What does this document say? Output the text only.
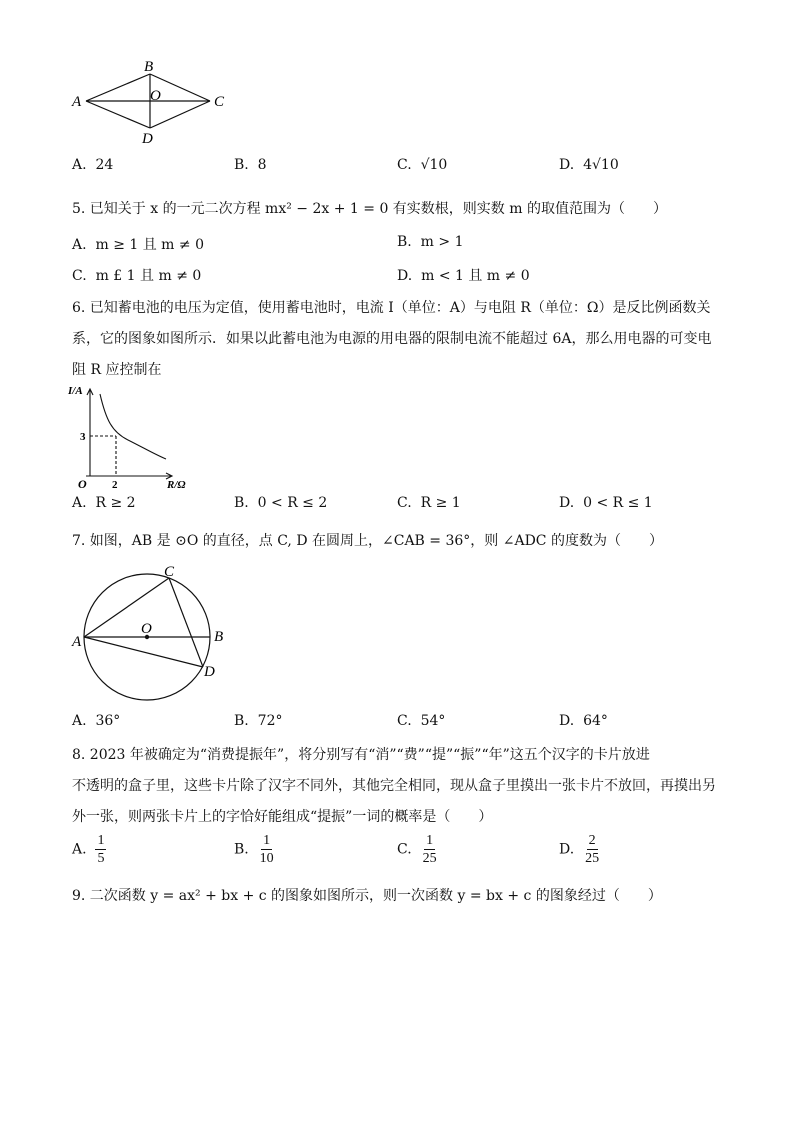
B
A	O	C
D
A. 24	B. 8	C. √10	D. 4√10
5. 已知关于 x 的一元二次方程 mx² − 2x + 1 = 0 有实数根，则实数 m 的取值范围为（　　）
A. m ≥ 1 且 m ≠ 0	B. m > 1
C. m £ 1 且 m ≠ 0	D. m < 1 且 m ≠ 0
6. 已知蓄电池的电压为定值，使用蓄电池时，电流 I（单位：A）与电阻 R（单位：Ω）是反比例函数关
系，它的图象如图所示．如果以此蓄电池为电源的用电器的限制电流不能超过 6A，那么用电器的可变电
阻 R 应控制在
I/A
R/Ω
O
3
2
A. R ≥ 2	B. 0 < R ≤ 2	C. R ≥ 1	D. 0 < R ≤ 1
7. 如图，AB 是 ⊙O 的直径，点 C, D 在圆周上，∠CAB = 36°，则 ∠ADC 的度数为（　　）
C
A
O	B
D
A. 36°	B. 72°	C. 54°	D. 64°
8. 2023 年被确定为“消费提振年”，将分别写有“消”“费”“提”“振”“年”这五个汉字的卡片放进
不透明的盒子里，这些卡片除了汉字不同外，其他完全相同，现从盒子里摸出一张卡片不放回，再摸出另
外一张，则两张卡片上的字恰好能组成“提振”一词的概率是（　　）
A. $\frac{1}{5}$	B. $\frac{1}{10}$	C. $\frac{1}{25}$	D. $\frac{2}{25}$
9. 二次函数 y = ax² + bx + c 的图象如图所示，则一次函数 y = bx + c 的图象经过（　　）
